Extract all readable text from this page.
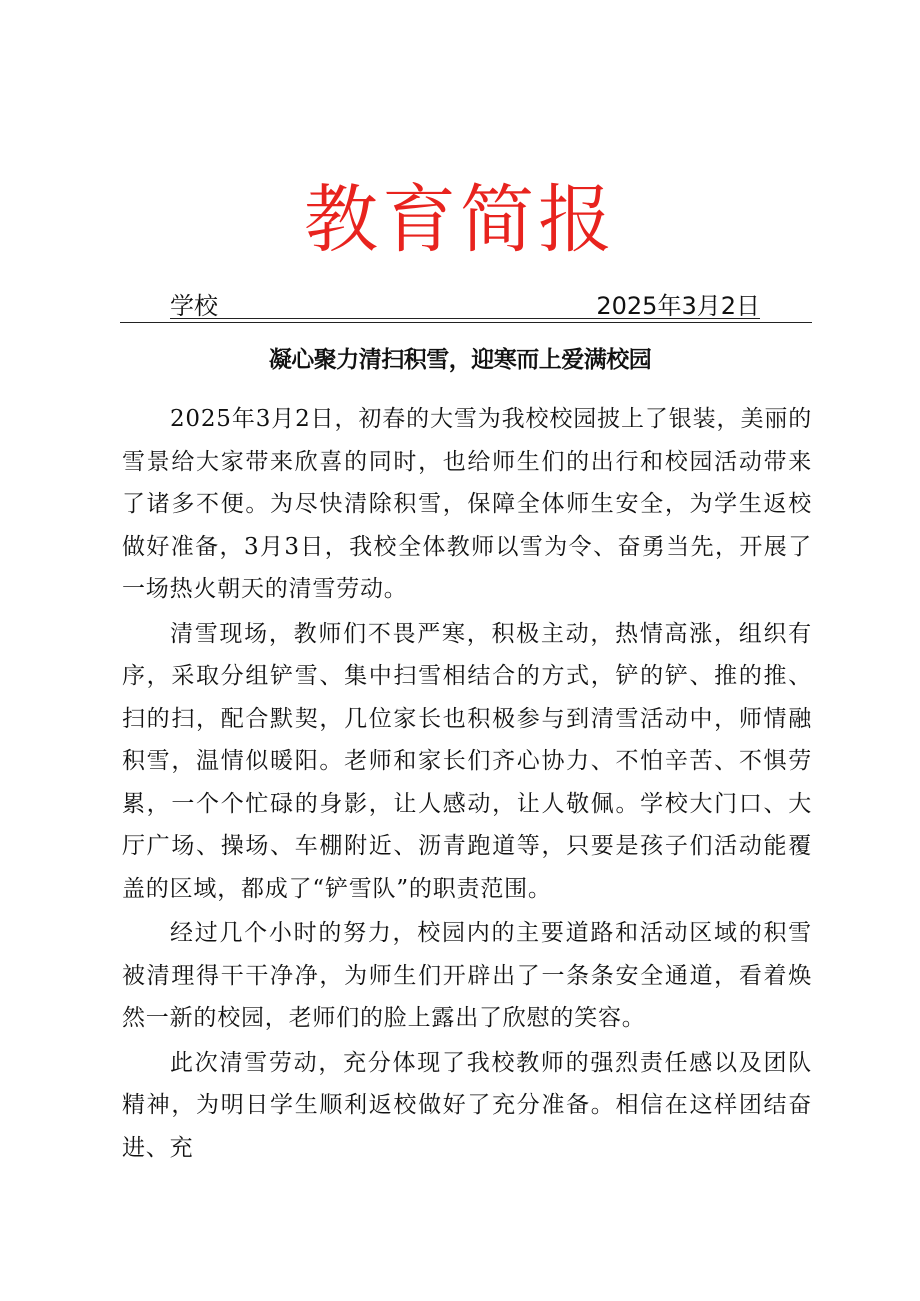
教育简报
学校	2025年3月2日
凝心聚力清扫积雪，迎寒而上爱满校园

2025年3月2日，初春的大雪为我校校园披上了银装，美丽的雪景给大家带来欣喜的同时，也给师生们的出行和校园活动带来了诸多不便。为尽快清除积雪，保障全体师生安全，为学生返校做好准备，3月3日，我校全体教师以雪为令、奋勇当先，开展了一场热火朝天的清雪劳动。

清雪现场，教师们不畏严寒，积极主动，热情高涨，组织有序，采取分组铲雪、集中扫雪相结合的方式，铲的铲、推的推、扫的扫，配合默契，几位家长也积极参与到清雪活动中，师情融积雪，温情似暖阳。老师和家长们齐心协力、不怕辛苦、不惧劳累，一个个忙碌的身影，让人感动，让人敬佩。学校大门口、大厅广场、操场、车棚附近、沥青跑道等，只要是孩子们活动能覆盖的区域，都成了“铲雪队”的职责范围。

经过几个小时的努力，校园内的主要道路和活动区域的积雪被清理得干干净净，为师生们开辟出了一条条安全通道，看着焕然一新的校园，老师们的脸上露出了欣慰的笑容。

此次清雪劳动，充分体现了我校教师的强烈责任感以及团队精神，为明日学生顺利返校做好了充分准备。相信在这样团结奋进、充
